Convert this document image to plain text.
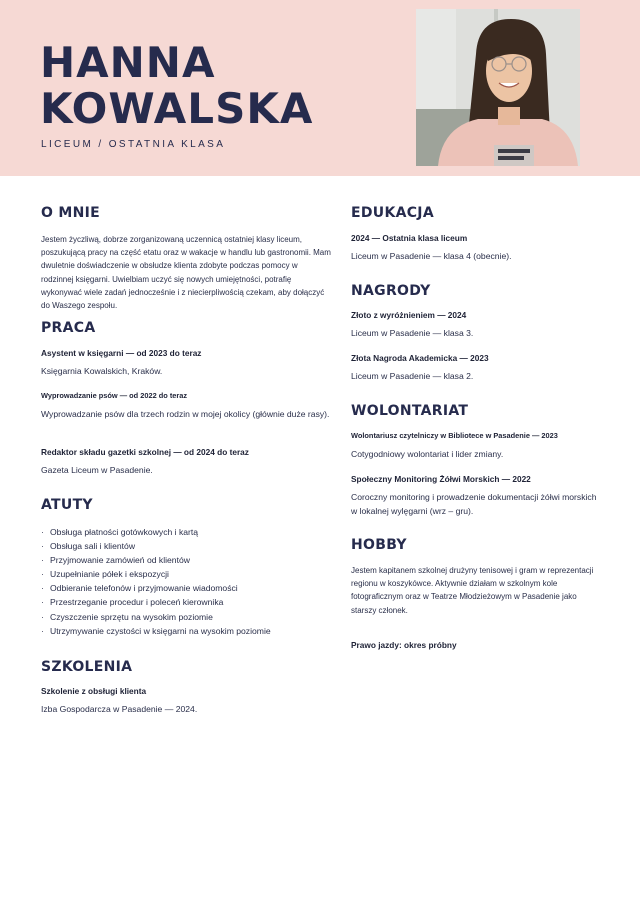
HANNA
KOWALSKA
LICEUM / OSTATNIA KLASA
O MNIE
Jestem życzliwą, dobrze zorganizowaną uczennicą ostatniej klasy liceum, poszukującą pracy na część etatu oraz w wakacje w handlu lub gastronomii. Mam dwuletnie doświadczenie w obsłudze klienta zdobyte podczas pomocy w rodzinnej księgarni. Uwielbiam uczyć się nowych umiejętności, potrafię wykonywać wiele zadań jednocześnie i z niecierpliwością czekam, aby dołączyć do Waszego zespołu.
PRACA
Asystent w księgarni — od 2023 do teraz
Księgarnia Kowalskich, Kraków.
Wyprowadzanie psów — od 2022 do teraz
Wyprowadzanie psów dla trzech rodzin w mojej okolicy (głównie duże rasy).
Redaktor składu gazetki szkolnej — od 2024 do teraz
Gazeta Liceum w Pasadenie.
ATUTY
· Obsługa płatności gotówkowych i kartą
· Obsługa sali i klientów
· Przyjmowanie zamówień od klientów
· Uzupełnianie półek i ekspozycji
· Odbieranie telefonów i przyjmowanie wiadomości
· Przestrzeganie procedur i poleceń kierownika
· Czyszczenie sprzętu na wysokim poziomie
· Utrzymywanie czystości w księgarni na wysokim poziomie
SZKOLENIA
Szkolenie z obsługi klienta
Izba Gospodarcza w Pasadenie — 2024.
EDUKACJA
2024 — Ostatnia klasa liceum
Liceum w Pasadenie — klasa 4 (obecnie).
NAGRODY
Złoto z wyróżnieniem — 2024
Liceum w Pasadenie — klasa 3.
Złota Nagroda Akademicka — 2023
Liceum w Pasadenie — klasa 2.
WOLONTARIAT
Wolontariusz czytelniczy w Bibliotece w Pasadenie — 2023
Cotygodniowy wolontariat i lider zmiany.
Społeczny Monitoring Żółwi Morskich — 2022
Coroczny monitoring i prowadzenie dokumentacji żółwi morskich w lokalnej wylęgarni (wrz – gru).
HOBBY
Jestem kapitanem szkolnej drużyny tenisowej i gram w reprezentacji regionu w koszykówce. Aktywnie działam w szkolnym kole fotograficznym oraz w Teatrze Młodzieżowym w Pasadenie jako starszy członek.
Prawo jazdy: okres próbny
